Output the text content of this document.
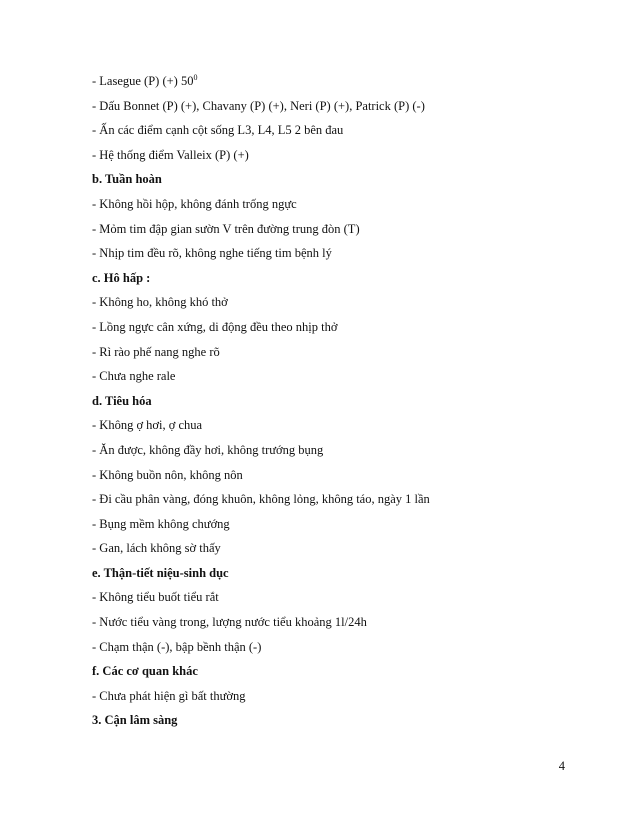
- Lasegue (P) (+) $50^0$
- Dấu Bonnet (P) (+), Chavany (P) (+), Neri (P) (+), Patrick (P) (-)
- Ấn các điểm cạnh cột sống L3, L4, L5 2 bên đau
- Hệ thống điểm Valleix (P) (+)
b. Tuần hoàn
- Không hồi hộp, không đánh trống ngực
- Mỏm tim đập gian sườn V trên đường trung đòn (T)
- Nhịp tim đều rõ, không nghe tiếng tim bệnh lý
c. Hô hấp :
- Không ho, không khó thở
- Lồng ngực cân xứng, di động đều theo nhịp thở
- Rì rào phế nang nghe rõ
- Chưa nghe rale
d. Tiêu hóa
- Không ợ hơi, ợ chua
- Ăn được, không đầy hơi, không trướng bụng
- Không buồn nôn, không nôn
- Đi cầu phân vàng, đóng khuôn, không lỏng, không táo, ngày 1 lần
- Bụng mềm không chướng
- Gan, lách không sờ thấy
e. Thận-tiết niệu-sinh dục
- Không tiểu buốt tiểu rắt
- Nước tiểu vàng trong, lượng nước tiểu khoảng 1l/24h
- Chạm thận (-), bập bềnh thận (-)
f. Các cơ quan khác
- Chưa phát hiện gì bất thường
3. Cận lâm sàng
4
